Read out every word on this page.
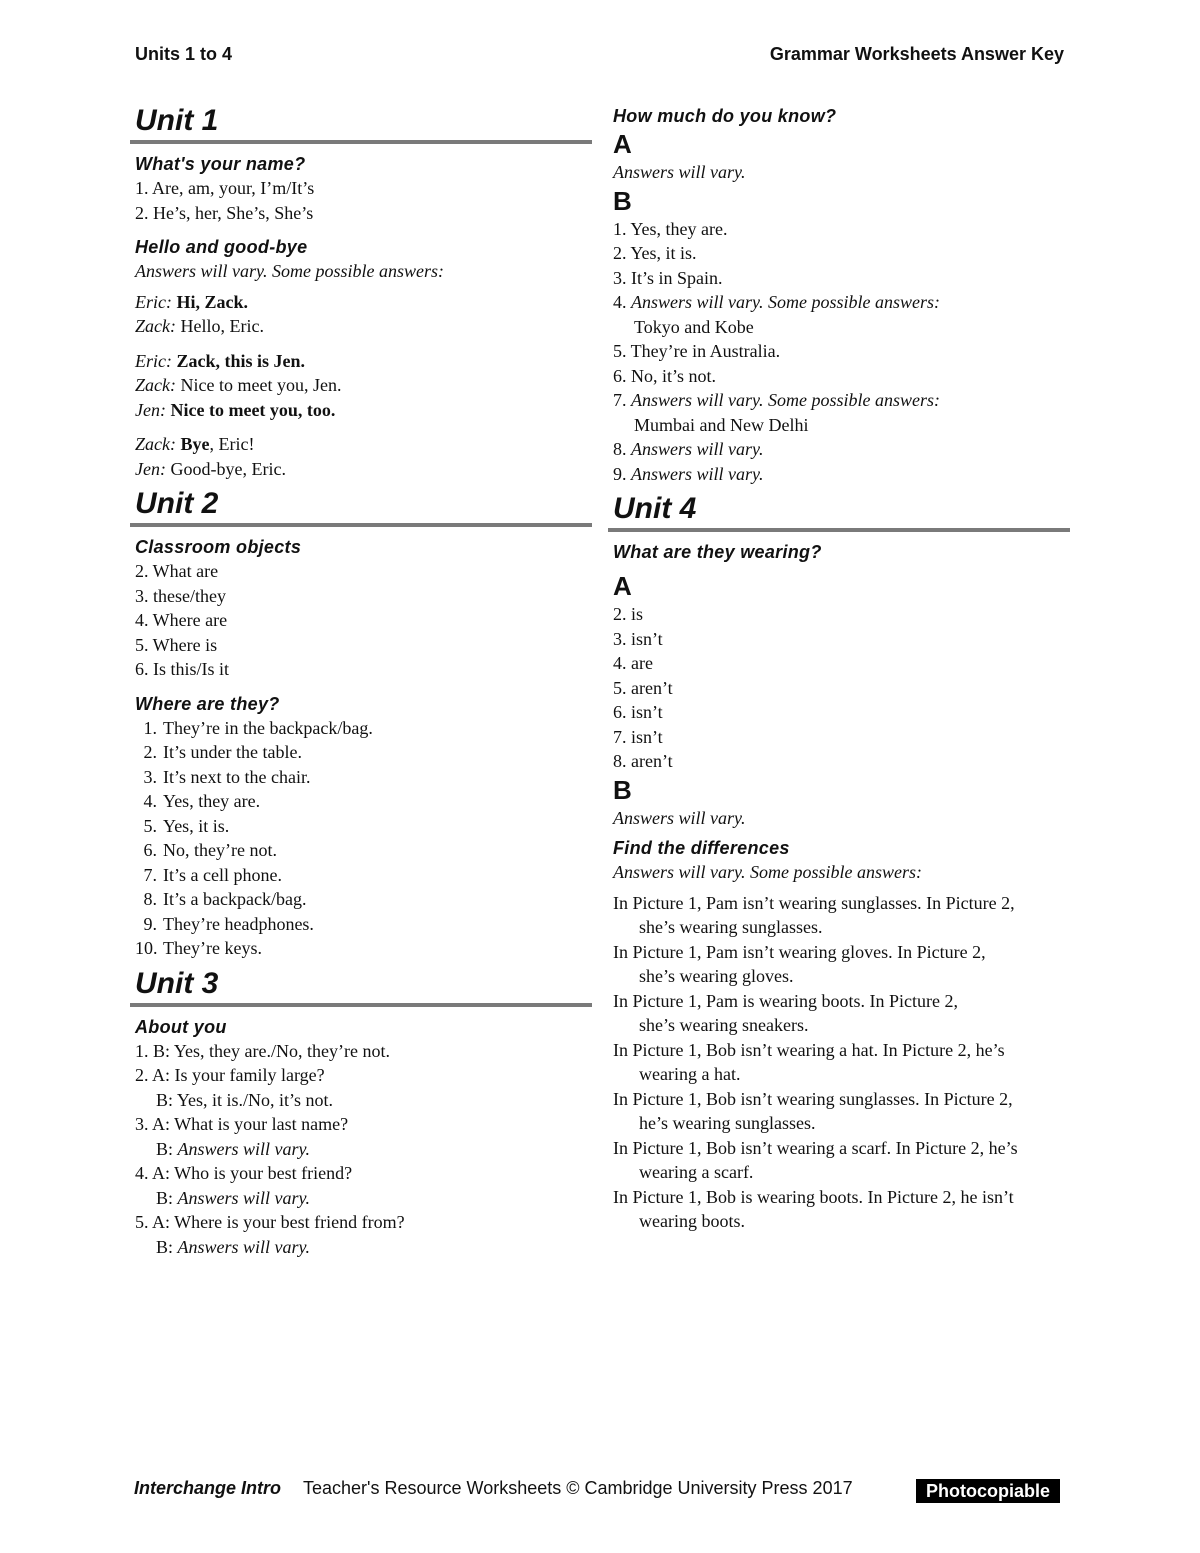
Units 1 to 4	Grammar Worksheets Answer Key
Unit 1
What's your name?
1. Are, am, your, I’m/It’s
2. He’s, her, She’s, She’s
Hello and good-bye
Answers will vary. Some possible answers:
Eric: Hi, Zack.
Zack: Hello, Eric.
Eric: Zack, this is Jen.
Zack: Nice to meet you, Jen.
Jen: Nice to meet you, too.
Zack: Bye, Eric!
Jen: Good-bye, Eric.
Unit 2
Classroom objects
2. What are
3. these/they
4. Where are
5. Where is
6. Is this/Is it
Where are they?
1. They’re in the backpack/bag.
2. It’s under the table.
3. It’s next to the chair.
4. Yes, they are.
5. Yes, it is.
6. No, they’re not.
7. It’s a cell phone.
8. It’s a backpack/bag.
9. They’re headphones.
10. They’re keys.
Unit 3
About you
1. B: Yes, they are./No, they’re not.
2. A: Is your family large?
B: Yes, it is./No, it’s not.
3. A: What is your last name?
B: Answers will vary.
4. A: Who is your best friend?
B: Answers will vary.
5. A: Where is your best friend from?
B: Answers will vary.
How much do you know?
A
Answers will vary.
B
1. Yes, they are.
2. Yes, it is.
3. It’s in Spain.
4. Answers will vary. Some possible answers:
Tokyo and Kobe
5. They’re in Australia.
6. No, it’s not.
7. Answers will vary. Some possible answers:
Mumbai and New Delhi
8. Answers will vary.
9. Answers will vary.
Unit 4
What are they wearing?
A
2. is
3. isn’t
4. are
5. aren’t
6. isn’t
7. isn’t
8. aren’t
B
Answers will vary.
Find the differences
Answers will vary. Some possible answers:
In Picture 1, Pam isn’t wearing sunglasses. In Picture 2,
she’s wearing sunglasses.
In Picture 1, Pam isn’t wearing gloves. In Picture 2,
she’s wearing gloves.
In Picture 1, Pam is wearing boots. In Picture 2,
she’s wearing sneakers.
In Picture 1, Bob isn’t wearing a hat. In Picture 2, he’s
wearing a hat.
In Picture 1, Bob isn’t wearing sunglasses. In Picture 2,
he’s wearing sunglasses.
In Picture 1, Bob isn’t wearing a scarf. In Picture 2, he’s
wearing a scarf.
In Picture 1, Bob is wearing boots. In Picture 2, he isn’t
wearing boots.
Interchange Intro Teacher's Resource Worksheets © Cambridge University Press 2017	Photocopiable
